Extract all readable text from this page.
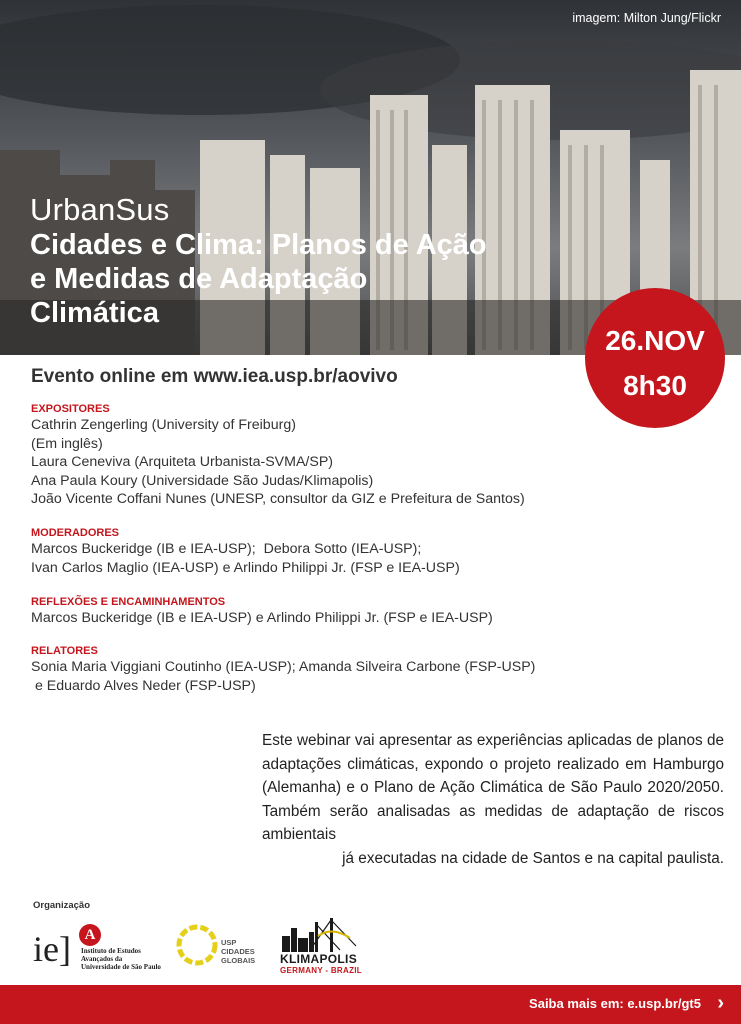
imagem: Milton Jung/Flickr
UrbanSus
Cidades e Clima: Planos de Ação
e Medidas de Adaptação
Climática
26.NOV
8h30
Evento online em www.iea.usp.br/aovivo
EXPOSITORES
Cathrin Zengerling (University of Freiburg)
(Em inglês)
Laura Ceneviva (Arquiteta Urbanista-SVMA/SP)
Ana Paula Koury (Universidade São Judas/Klimapolis)
João Vicente Coffani Nunes (UNESP, consultor da GIZ e Prefeitura de Santos)
MODERADORES
Marcos Buckeridge (IB e IEA-USP);  Debora Sotto (IEA-USP);
Ivan Carlos Maglio (IEA-USP) e Arlindo Philippi Jr. (FSP e IEA-USP)
REFLEXÕES E ENCAMINHAMENTOS
Marcos Buckeridge (IB e IEA-USP) e Arlindo Philippi Jr. (FSP e IEA-USP)
RELATORES
Sonia Maria Viggiani Coutinho (IEA-USP); Amanda Silveira Carbone (FSP-USP)
e Eduardo Alves Neder (FSP-USP)
Este webinar vai apresentar as experiências aplicadas de planos de adaptações climáticas, expondo o projeto realizado em Hamburgo (Alemanha) e o Plano de Ação Climática de São Paulo 2020/2050. Também serão analisadas as medidas de adaptação de riscos ambientais
já executadas na cidade de Santos e na capital paulista.
Organização
ie] A
Instituto de Estudos Avançados da Universidade de São Paulo
USP
CIDADES
GLOBAIS KLIMAPOLIS
GERMANY - BRAZIL
Saiba mais em: e.usp.br/gt5 ›
